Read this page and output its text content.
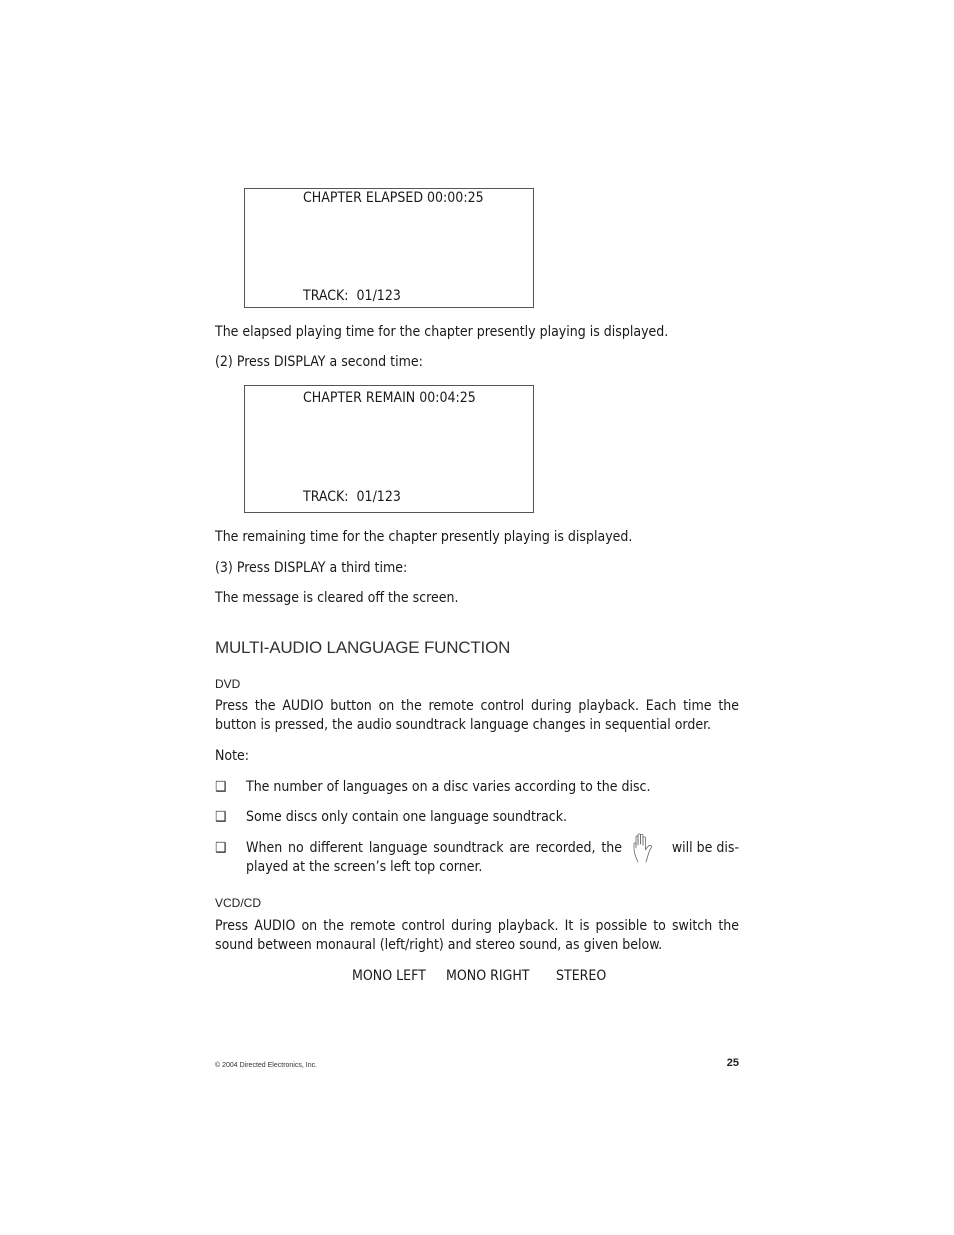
CHAPTER ELAPSED 00:00:25
TRACK:  01/123
The elapsed playing time for the chapter presently playing is displayed.
(2) Press DISPLAY a second time:
CHAPTER REMAIN 00:04:25
TRACK:  01/123
The remaining time for the chapter presently playing is displayed.
(3) Press DISPLAY a third time:
The message is cleared off the screen.
MULTI-AUDIO LANGUAGE FUNCTION
DVD
Press the AUDIO button on the remote control during playback. Each time the button is pressed, the audio soundtrack language changes in sequential order.
Note:
❑ The number of languages on a disc varies according to the disc.
❑ Some discs only contain one language soundtrack.
❑ When no different language soundtrack are recorded, the	will be dis-
played at the screen’s left top corner.
VCD/CD
Press AUDIO on the remote control during playback. It is possible to switch the sound between monaural (left/right) and stereo sound, as given below.
MONO LEFT MONO RIGHT STEREO
© 2004 Directed Electronics, Inc.	25
